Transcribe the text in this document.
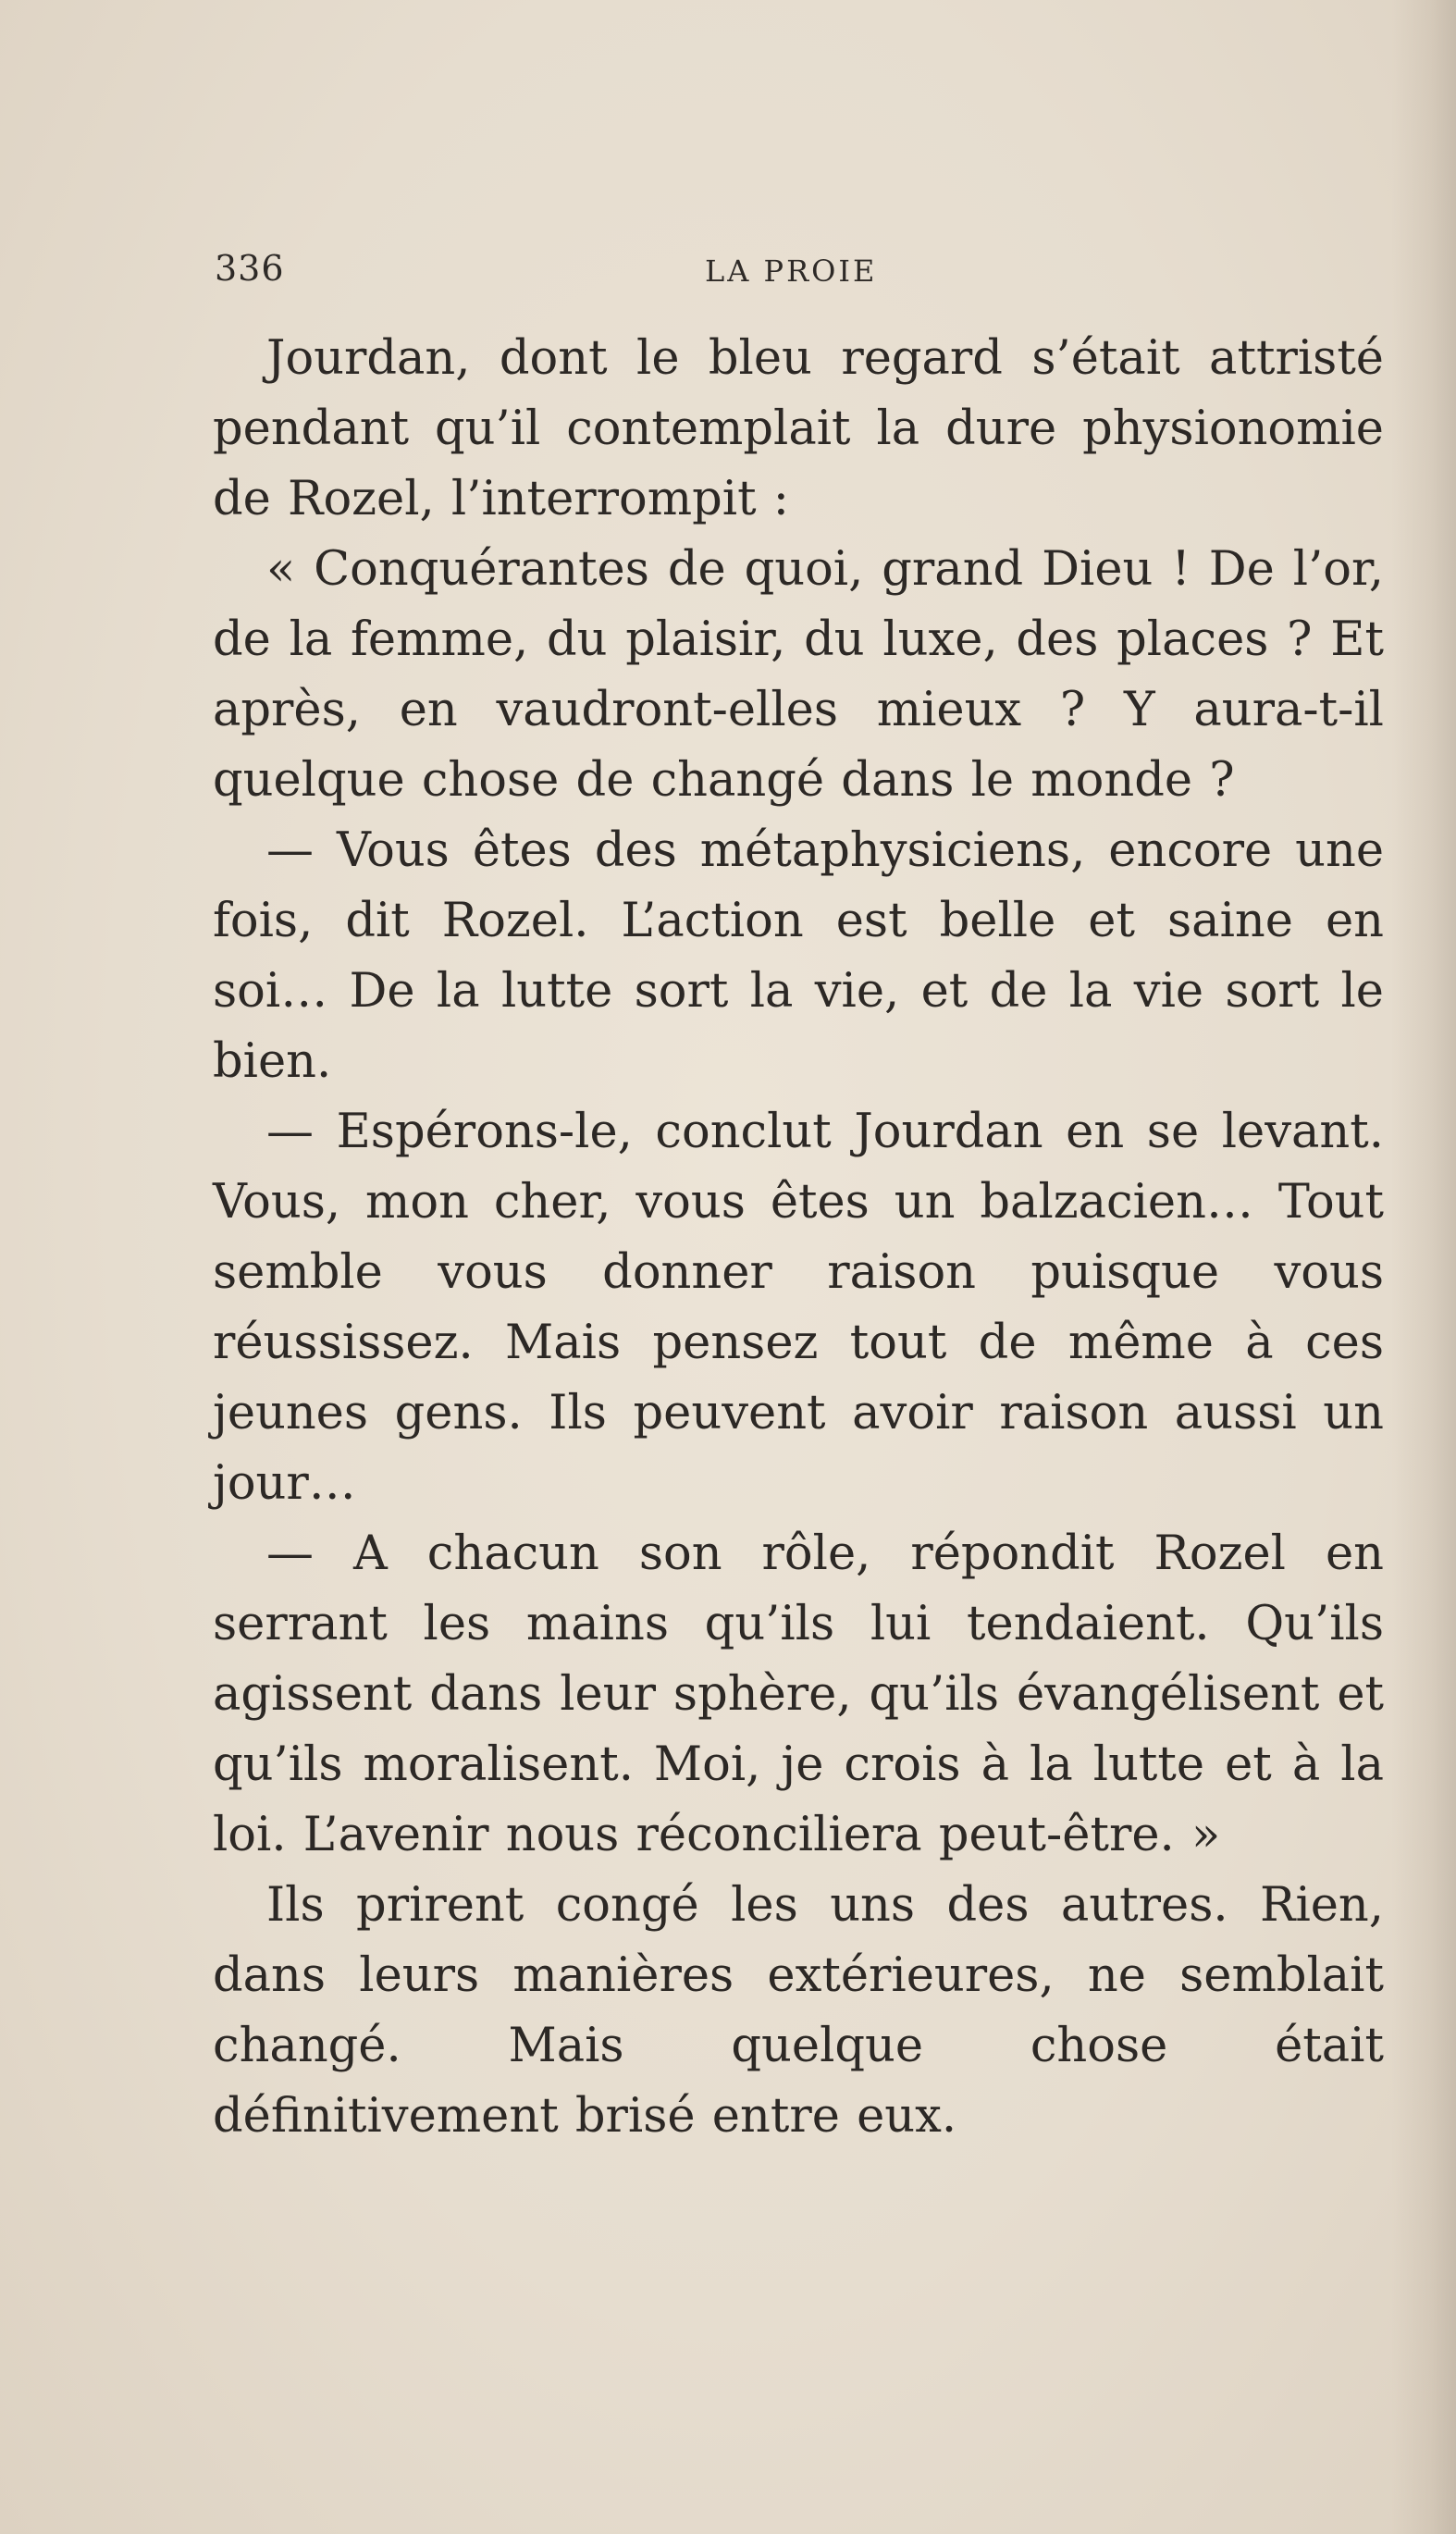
336	LA PROIE

Jourdan, dont le bleu regard s’était attristé pendant qu’il contemplait la dure physionomie de Rozel, l’interrompit :

« Conquérantes de quoi, grand Dieu ! De l’or, de la femme, du plaisir, du luxe, des places ? Et après, en vaudront-elles mieux ? Y aura-t-il quelque chose de changé dans le monde ?

— Vous êtes des métaphysiciens, encore une fois, dit Rozel. L’action est belle et saine en soi… De la lutte sort la vie, et de la vie sort le bien.

— Espérons-le, conclut Jourdan en se levant. Vous, mon cher, vous êtes un balzacien… Tout semble vous donner raison puisque vous réussissez. Mais pensez tout de même à ces jeunes gens. Ils peuvent avoir raison aussi un jour…

— A chacun son rôle, répondit Rozel en serrant les mains qu’ils lui tendaient. Qu’ils agissent dans leur sphère, qu’ils évangélisent et qu’ils moralisent. Moi, je crois à la lutte et à la loi. L’avenir nous réconciliera peut-être. »

Ils prirent congé les uns des autres. Rien, dans leurs manières extérieures, ne semblait changé. Mais quelque chose était définitivement brisé entre eux.
